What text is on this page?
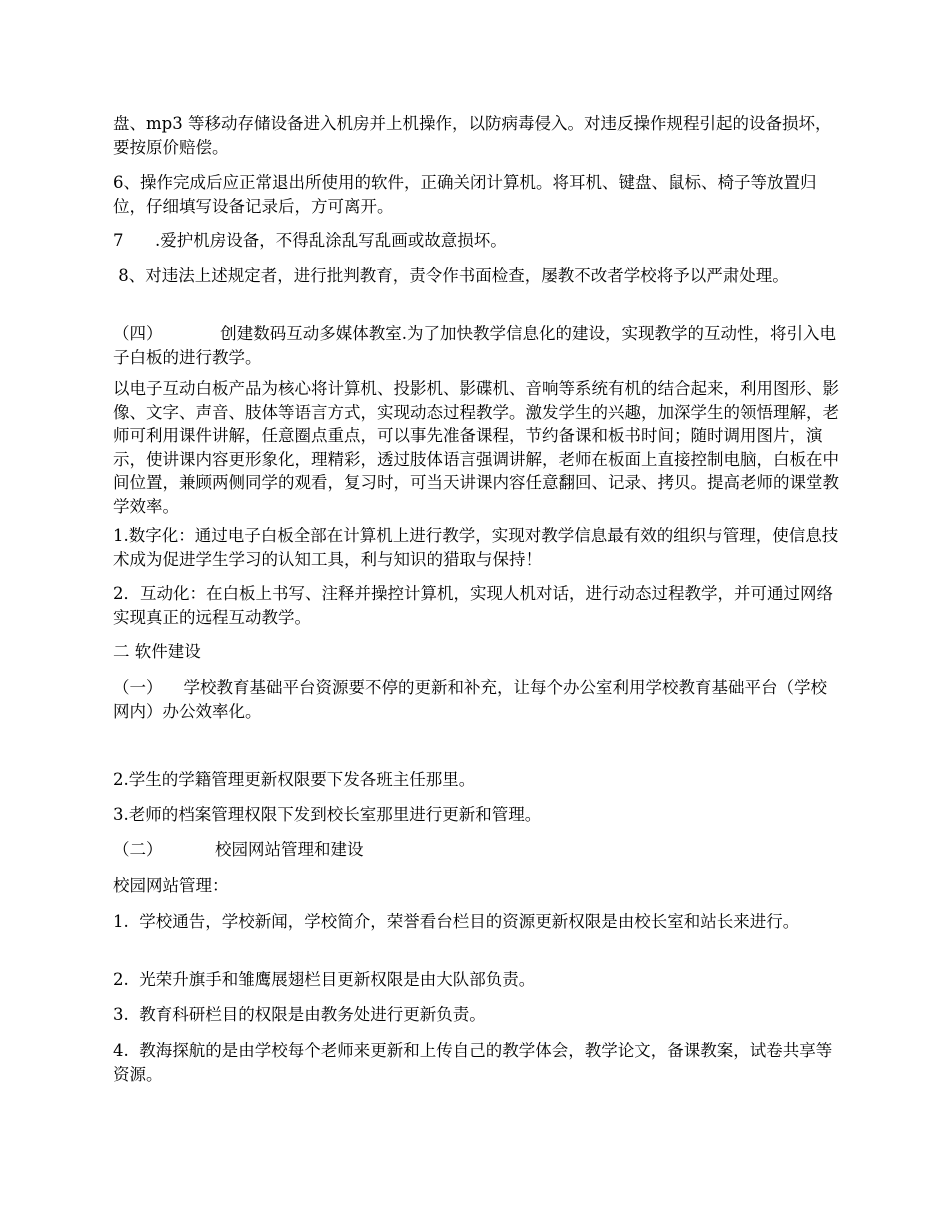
盘、mp3 等移动存储设备进入机房并上机操作，以防病毒侵入。对违反操作规程引起的设备损坏，要按原价赔偿。

6、操作完成后应正常退出所使用的软件，正确关闭计算机。将耳机、键盘、鼠标、椅子等放置归位，仔细填写设备记录后，方可离开。

7      .爱护机房设备，不得乱涂乱写乱画或故意损坏。

8、对违法上述规定者，进行批判教育，责令作书面检查，屡教不改者学校将予以严肃处理。

（四）           创建数码互动多媒体教室.为了加快教学信息化的建设，实现教学的互动性，将引入电子白板的进行教学。

以电子互动白板产品为核心将计算机、投影机、影碟机、音响等系统有机的结合起来，利用图形、影像、文字、声音、肢体等语言方式，实现动态过程教学。激发学生的兴趣，加深学生的领悟理解，老师可利用课件讲解，任意圈点重点，可以事先准备课程，节约备课和板书时间；随时调用图片，演示，使讲课内容更形象化，理精彩，透过肢体语言强调讲解，老师在板面上直接控制电脑，白板在中间位置，兼顾两侧同学的观看，复习时，可当天讲课内容任意翻回、记录、拷贝。提高老师的课堂教学效率。

1.数字化：通过电子白板全部在计算机上进行教学，实现对教学信息最有效的组织与管理，使信息技术成为促进学生学习的认知工具，利与知识的猎取与保持！

2．互动化：在白板上书写、注释并操控计算机，实现人机对话，进行动态过程教学，并可通过网络实现真正的远程互动教学。

二 软件建设

（一）    学校教育基础平台资源要不停的更新和补充，让每个办公室利用学校教育基础平台（学校网内）办公效率化。

2.学生的学籍管理更新权限要下发各班主任那里。

3.老师的档案管理权限下发到校长室那里进行更新和管理。

（二）          校园网站管理和建设

校园网站管理：

1.  学校通告，学校新闻，学校简介，荣誉看台栏目的资源更新权限是由校长室和站长来进行。

2.  光荣升旗手和雏鹰展翅栏目更新权限是由大队部负责。

3.  教育科研栏目的权限是由教务处进行更新负责。

4.  教海探航的是由学校每个老师来更新和上传自己的教学体会，教学论文，备课教案，试卷共享等资源。
